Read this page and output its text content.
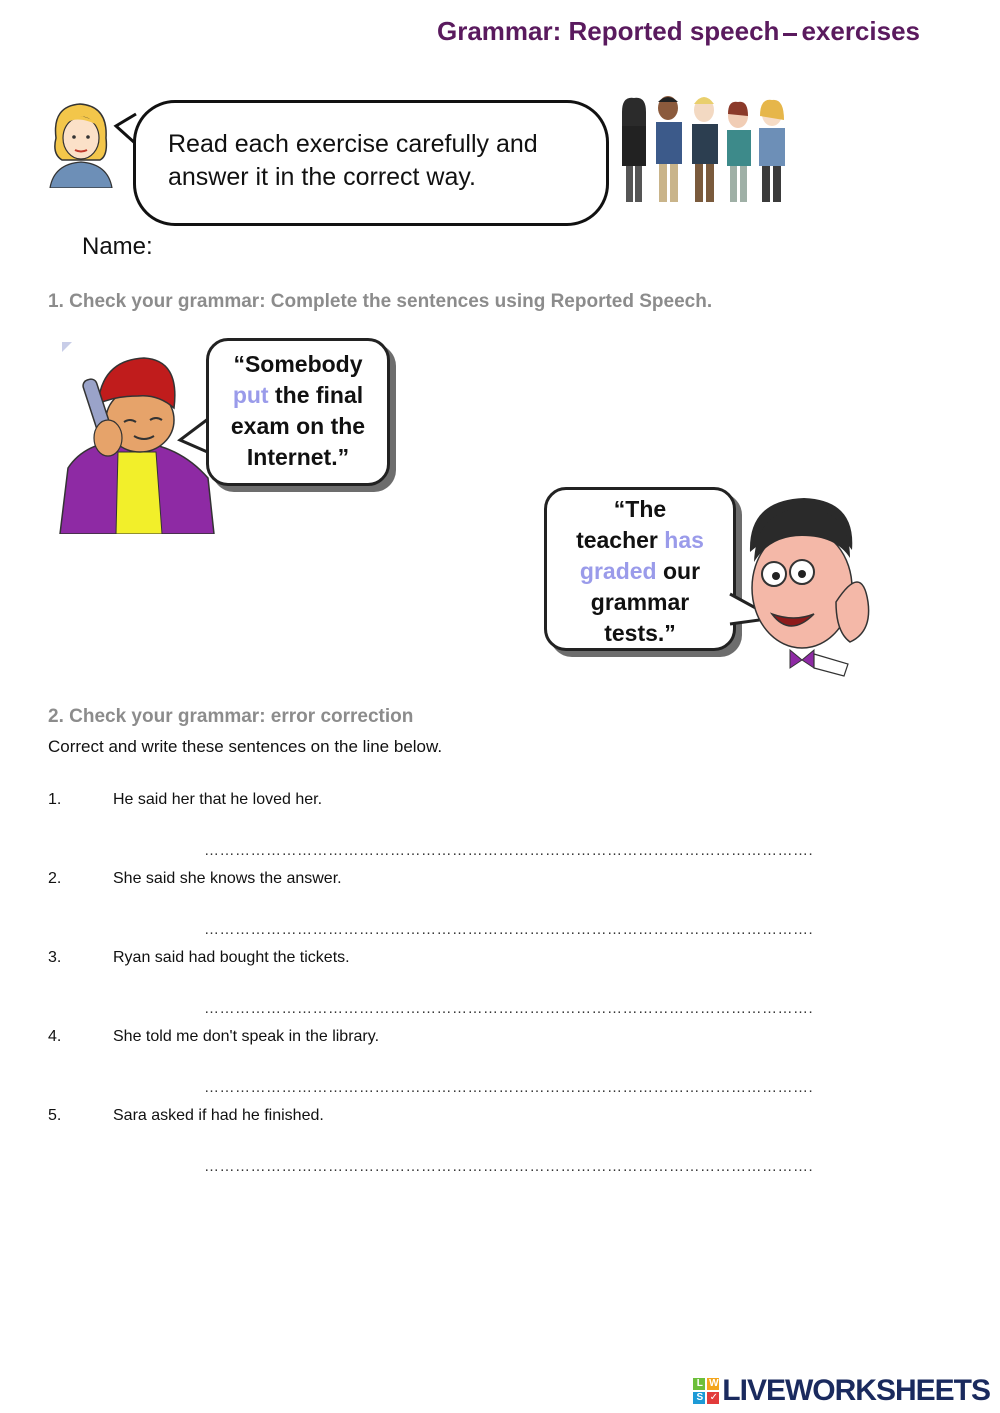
Grammar: Reported speech exercises
Read each exercise carefully and
answer it in the correct way.
Name:
1. Check your grammar: Complete the sentences using Reported Speech.
“Somebody
put the final
exam on the
Internet.”
“The
teacher has
graded our
grammar
tests.”
2. Check your grammar: error correction
Correct and write these sentences on the line below.
1.	He said her that he loved her.
……………………………………………………………………………………………………….
2.	She said she knows the answer.
……………………………………………………………………………………………………….
3.	Ryan said had bought the tickets.
……………………………………………………………………………………………………….
4.	She told me don't speak in the library.
……………………………………………………………………………………………………….
5.	Sara asked if had he finished.
……………………………………………………………………………………………………….
L W
S ✓ LIVEWORKSHEETS
